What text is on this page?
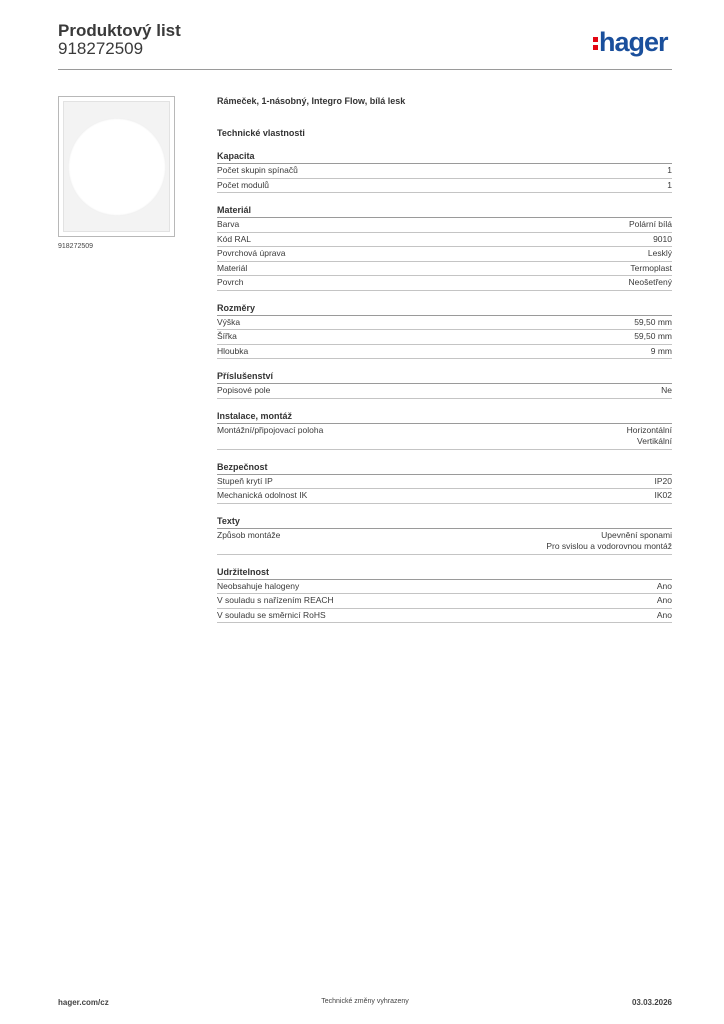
Produktový list
918272509	hager
918272509
Rámeček, 1-násobný, Integro Flow, bílá lesk
Technické vlastnosti
Kapacita
Počet skupin spínačů	1
Počet modulů	1
Materiál
Barva	Polární bílá
Kód RAL	9010
Povrchová úprava	Lesklý
Materiál	Termoplast
Povrch	Neošetřený
Rozměry
Výška	59,50 mm
Šířka	59,50 mm
Hloubka	9 mm
Příslušenství
Popisové pole	Ne
Instalace, montáž
Montážní/připojovací poloha	Horizontální
Vertikální
Bezpečnost
Stupeň krytí IP	IP20
Mechanická odolnost IK	IK02
Texty
Způsob montáže	Upevnění sponami
Pro svislou a vodorovnou montáž
Udržitelnost
Neobsahuje halogeny	Ano
V souladu s nařízením REACH	Ano
V souladu se směrnicí RoHS	Ano
hager.com/cz	Technické změny vyhrazeny	03.03.2026
